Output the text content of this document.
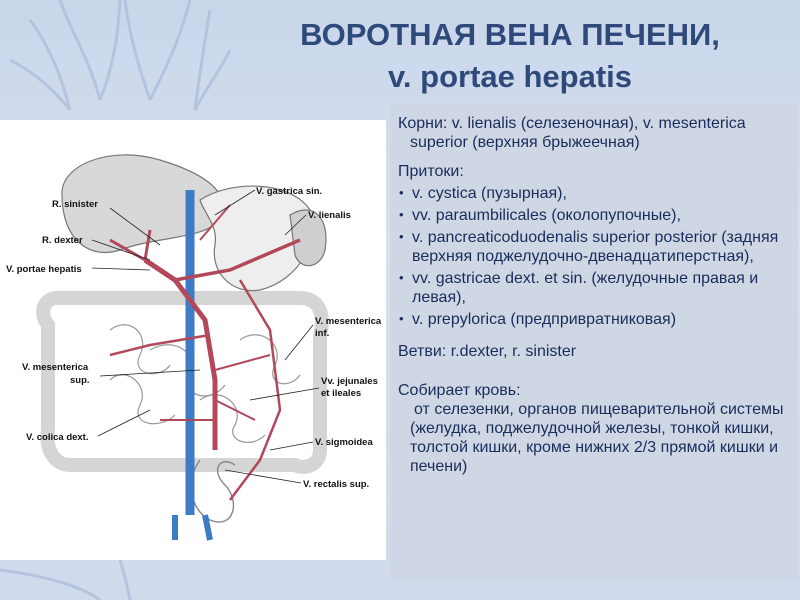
ВОРОТНАЯ ВЕНА ПЕЧЕНИ,
v. portae hepatis
V. gastrica sin.
R. sinister
V. lienalis
R. dexter
V. portae hepatis
V. mesenterica
inf.
V. mesenterica
sup.	Vv. jejunales
et ileales
V. colica dext.	V. sigmoidea
V. rectalis sup.

Корни: v. lienalis (селезеночная), v. mesenterica superior (верхняя брыжеечная)

Притоки:

• v. cystica (пузырная),
• vv. paraumbilicales (околопупочные),
• v. pancreaticoduodenalis superior posterior (задняя верхняя поджелудочно-двенадцатиперстная),
• vv. gastricae dext. et sin. (желудочные правая и левая),
• v. prepylorica (предпривратниковая)

Ветви: r.dexter, r. sinister

Собирает кровь:

от селезенки, органов пищеварительной системы (желудка, поджелудочной железы, тонкой кишки, толстой кишки, кроме нижних 2/3 прямой кишки и печени)
